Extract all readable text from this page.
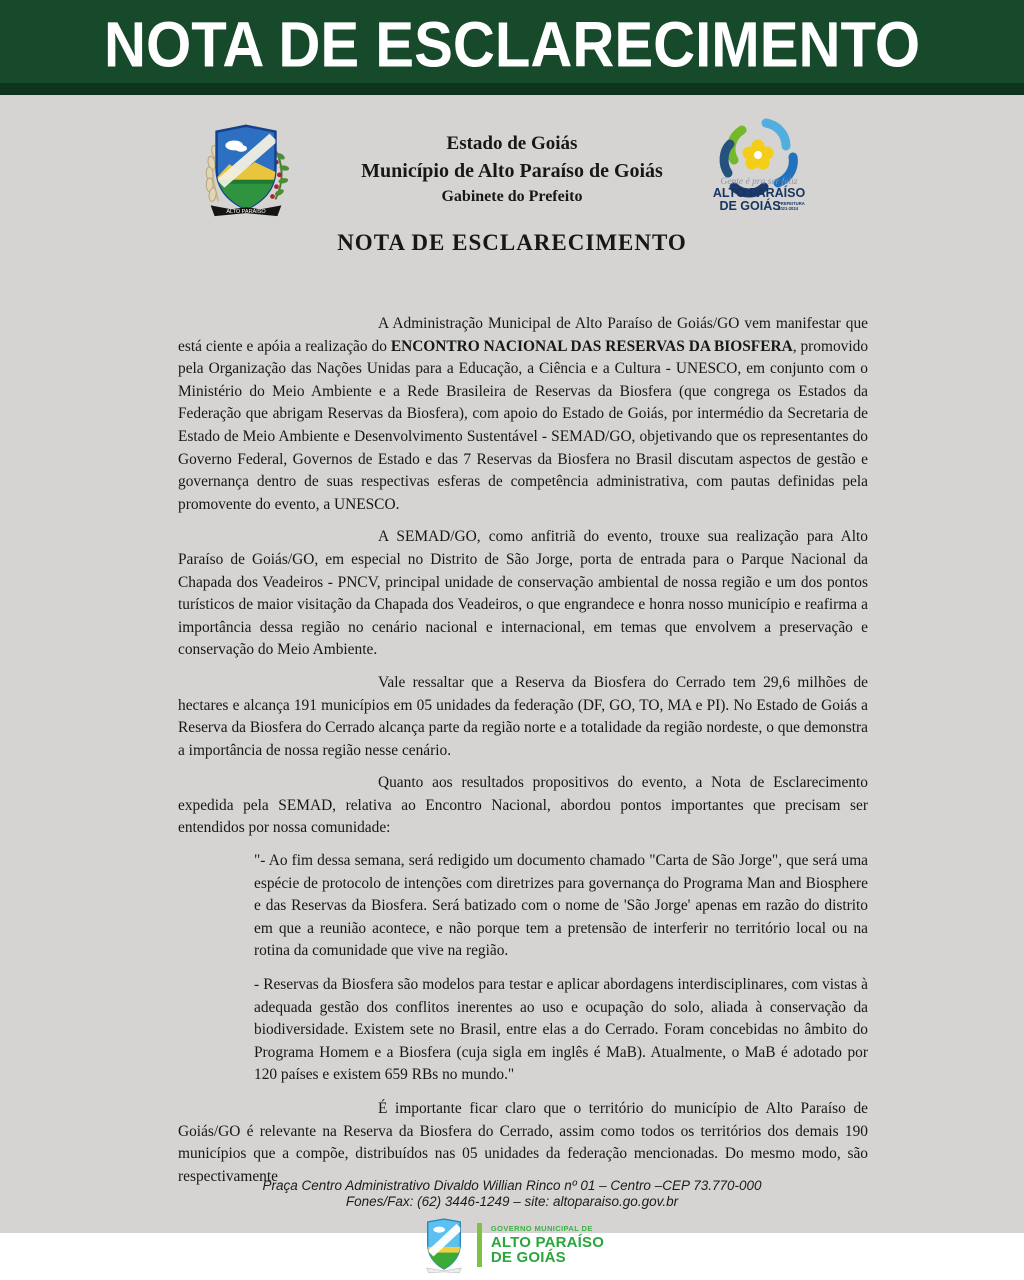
NOTA DE ESCLARECIMENTO
ALTO PARAÍSO
Estado de Goiás
Município de Alto Paraíso de Goiás
Gabinete do Prefeito
Gente é pra ser feliz
ALTO PARAÍSO
DE GOIÁS
PREFEITURA
2021-2024
NOTA DE ESCLARECIMENTO

A Administração Municipal de Alto Paraíso de Goiás/GO vem manifestar que está ciente e apóia a realização do ENCONTRO NACIONAL DAS RESERVAS DA BIOSFERA, promovido pela Organização das Nações Unidas para a Educação, a Ciência e a Cultura - UNESCO, em conjunto com o Ministério do Meio Ambiente e a Rede Brasileira de Reservas da Biosfera (que congrega os Estados da Federação que abrigam Reservas da Biosfera), com apoio do Estado de Goiás, por intermédio da Secretaria de Estado de Meio Ambiente e Desenvolvimento Sustentável - SEMAD/GO, objetivando que os representantes do Governo Federal, Governos de Estado e das 7 Reservas da Biosfera no Brasil discutam aspectos de gestão e governança dentro de suas respectivas esferas de competência administrativa, com pautas definidas pela promovente do evento, a UNESCO.

A SEMAD/GO, como anfitriã do evento, trouxe sua realização para Alto Paraíso de Goiás/GO, em especial no Distrito de São Jorge, porta de entrada para o Parque Nacional da Chapada dos Veadeiros - PNCV, principal unidade de conservação ambiental de nossa região e um dos pontos turísticos de maior visitação da Chapada dos Veadeiros, o que engrandece e honra nosso município e reafirma a importância dessa região no cenário nacional e internacional, em temas que envolvem a preservação e conservação do Meio Ambiente.

Vale ressaltar que a Reserva da Biosfera do Cerrado tem 29,6 milhões de hectares e alcança 191 municípios em 05 unidades da federação (DF, GO, TO, MA e PI). No Estado de Goiás a Reserva da Biosfera do Cerrado alcança parte da região norte e a totalidade da região nordeste, o que demonstra a importância de nossa região nesse cenário.

Quanto aos resultados propositivos do evento, a Nota de Esclarecimento expedida pela SEMAD, relativa ao Encontro Nacional, abordou pontos importantes que precisam ser entendidos por nossa comunidade:

"- Ao fim dessa semana, será redigido um documento chamado "Carta de São Jorge", que será uma espécie de protocolo de intenções com diretrizes para governança do Programa Man and Biosphere e das Reservas da Biosfera. Será batizado com o nome de 'São Jorge' apenas em razão do distrito em que a reunião acontece, e não porque tem a pretensão de interferir no território local ou na rotina da comunidade que vive na região.

- Reservas da Biosfera são modelos para testar e aplicar abordagens interdisciplinares, com vistas à adequada gestão dos conflitos inerentes ao uso e ocupação do solo, aliada à conservação da biodiversidade. Existem sete no Brasil, entre elas a do Cerrado. Foram concebidas no âmbito do Programa Homem e a Biosfera (cuja sigla em inglês é MaB). Atualmente, o MaB é adotado por 120 países e existem 659 RBs no mundo."

É importante ficar claro que o território do município de Alto Paraíso de Goiás/GO é relevante na Reserva da Biosfera do Cerrado, assim como todos os territórios dos demais 190 municípios que a compõe, distribuídos nas 05 unidades da federação mencionadas. Do mesmo modo, são respectivamente

Praça Centro Administrativo Divaldo Willian Rinco nº 01 – Centro –CEP 73.770-000
Fones/Fax: (62) 3446-1249 – site: altoparaiso.go.gov.br
GOVERNO MUNICIPAL DE
ALTO PARAÍSO
DE GOIÁS
